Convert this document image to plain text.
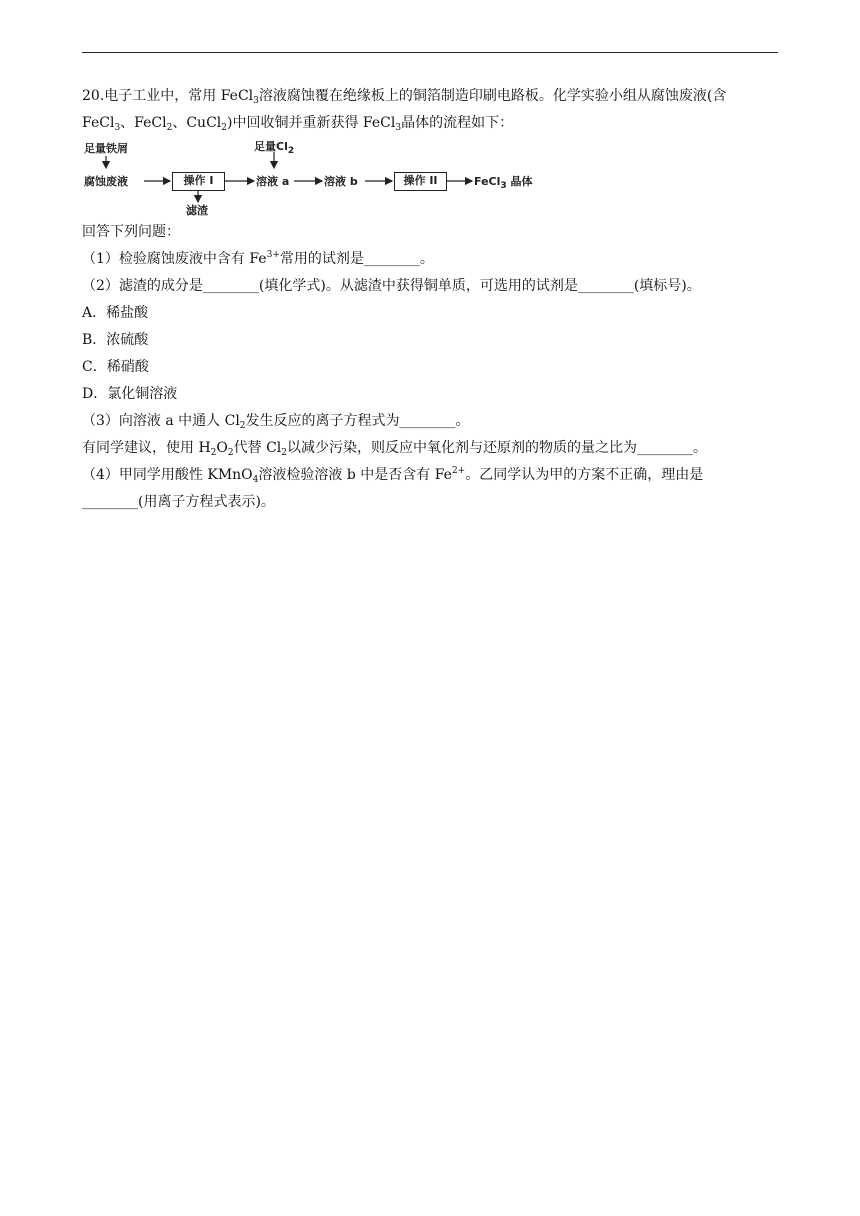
20.电子工业中，常用 FeCl$_3$溶液腐蚀覆在绝缘板上的铜箔制造印刷电路板。化学实验小组从腐蚀废液(含
FeCl$_3$、FeCl$_2$、CuCl$_2$)中回收铜并重新获得 FeCl$_3$晶体的流程如下：
足量铁屑
腐蚀废液	操作 I
滤渣
足量$Cl_2$
溶液 a	溶液 b	操作 II	FeCl$_3$ 晶体
回答下列问题：
（1）检验腐蚀废液中含有 $Fe^{3+}$常用的试剂是________。
（2）滤渣的成分是________(填化学式)。从滤渣中获得铜单质，可选用的试剂是________(填标号)。
A．稀盐酸
B．浓硫酸
C．稀硝酸
D．氯化铜溶液
（3）向溶液 a 中通人 $Cl_2$发生反应的离子方程式为________。
有同学建议，使用 $H_2O_2$代替 $Cl_2$以减少污染，则反应中氧化剂与还原剂的物质的量之比为________。
（4）甲同学用酸性 KMnO$_4$溶液检验溶液 b 中是否含有 $Fe^{2+}$。乙同学认为甲的方案不正确，理由是
________(用离子方程式表示)。
